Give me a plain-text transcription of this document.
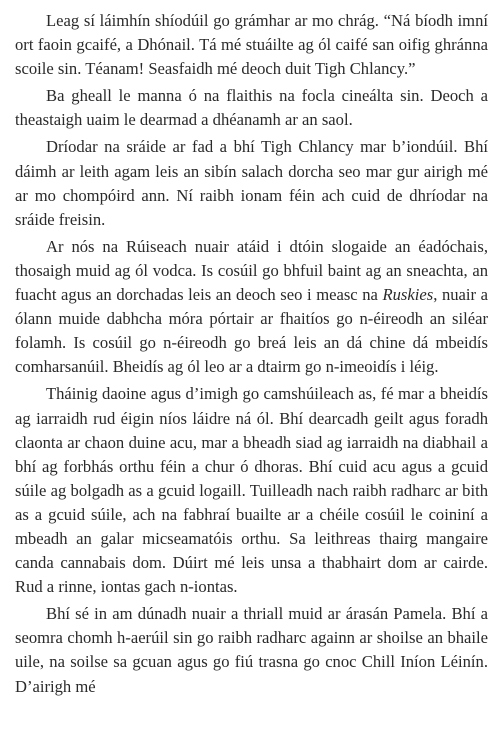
Leag sí láimhín shíodúil go grámhar ar mo chrág. “Ná bíodh imní ort faoin gcaifé, a Dhónail. Tá mé stuáilte ag ól caifé san oifig ghránna scoile sin. Téanam! Seasfaidh mé deoch duit Tigh Chlancy.”

Ba gheall le manna ó na flaithis na focla cineálta sin. Deoch a theastaigh uaim le dearmad a dhéanamh ar an saol.

Dríodar na sráide ar fad a bhí Tigh Chlancy mar b’iondúil. Bhí dáimh ar leith agam leis an sibín salach dorcha seo mar gur airigh mé ar mo chompóird ann. Ní raibh ionam féin ach cuid de dhríodar na sráide freisin.

Ar nós na Rúiseach nuair atáid i dtóin slogaide an éadóchais, thosaigh muid ag ól vodca. Is cosúil go bhfuil baint ag an sneachta, an fuacht agus an dorchadas leis an deoch seo i measc na Ruskies, nuair a ólann muide dabhcha móra pórtair ar fhaitíos go n-éireodh an siléar folamh. Is cosúil go n-éireodh go breá leis an dá chine dá mbeidís comharsanúil. Bheidís ag ól leo ar a dtairm go n-imeoidís i léig.

Tháinig daoine agus d’imigh go camshúileach as, fé mar a bheidís ag iarraidh rud éigin níos láidre ná ól. Bhí dearcadh geilt agus foradh claonta ar chaon duine acu, mar a bheadh siad ag iarraidh na diabhail a bhí ag forbhás orthu féin a chur ó dhoras. Bhí cuid acu agus a gcuid súile ag bolgadh as a gcuid logaill. Tuilleadh nach raibh radharc ar bith as a gcuid súile, ach na fabhraí buailte ar a chéile cosúil le coininí a mbeadh an galar micseamatóis orthu. Sa leithreas thairg mangaire canda cannabais dom. Dúirt mé leis unsa a thabhairt dom ar cairde. Rud a rinne, iontas gach n-iontas.

Bhí sé in am dúnadh nuair a thriall muid ar árasán Pamela. Bhí a seomra chomh h-aerúil sin go raibh radharc againn ar shoilse an bhaile uile, na soilse sa gcuan agus go fiú trasna go cnoc Chill Iníon Léinín. D’airigh mé
